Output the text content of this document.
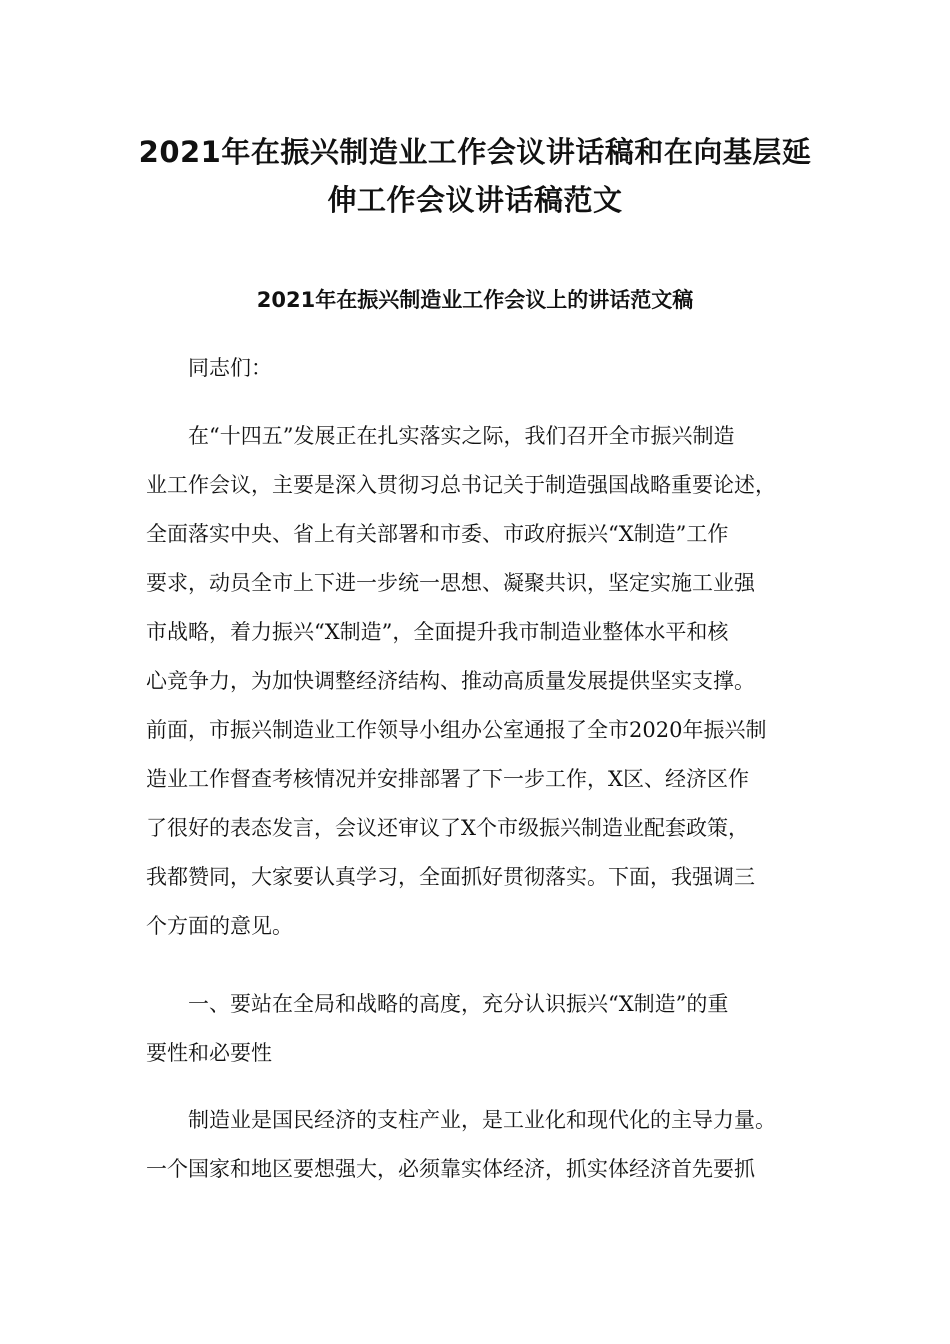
2021年在振兴制造业工作会议讲话稿和在向基层延
伸工作会议讲话稿范文
2021年在振兴制造业工作会议上的讲话范文稿

同志们：

在“十四五”发展正在扎实落实之际，我们召开全市振兴制造
业工作会议，主要是深入贯彻习总书记关于制造强国战略重要论述，
全面落实中央、省上有关部署和市委、市政府振兴“X制造”工作
要求，动员全市上下进一步统一思想、凝聚共识，坚定实施工业强
市战略，着力振兴“X制造”，全面提升我市制造业整体水平和核
心竞争力，为加快调整经济结构、推动高质量发展提供坚实支撑。
前面，市振兴制造业工作领导小组办公室通报了全市2020年振兴制
造业工作督查考核情况并安排部署了下一步工作，X区、经济区作
了很好的表态发言，会议还审议了X个市级振兴制造业配套政策，
我都赞同，大家要认真学习，全面抓好贯彻落实。下面，我强调三
个方面的意见。

一、要站在全局和战略的高度，充分认识振兴“X制造”的重
要性和必要性

制造业是国民经济的支柱产业，是工业化和现代化的主导力量。
一个国家和地区要想强大，必须靠实体经济，抓实体经济首先要抓
